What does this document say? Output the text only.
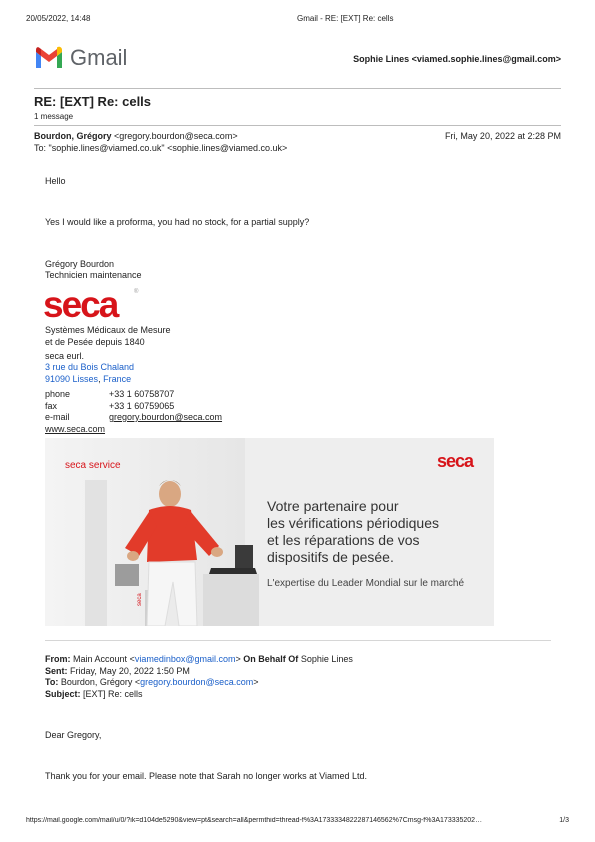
20/05/2022, 14:48	Gmail - RE: [EXT] Re: cells
Gmail	Sophie Lines <viamed.sophie.lines@gmail.com>
RE: [EXT] Re: cells
1 message
Bourdon, Grégory <gregory.bourdon@seca.com>	Fri, May 20, 2022 at 2:28 PM
To: "sophie.lines@viamed.co.uk" <sophie.lines@viamed.co.uk>
Hello
Yes I would like a proforma, you had no stock, for a partial supply?
Grégory Bourdon
Technicien maintenance
seca	®
Systèmes Médicaux de Mesure
et de Pesée depuis 1840
seca eurl.
3 rue du Bois Chaland
91090 Lisses, France
phone	+33 1 60758707
fax	+33 1 60759065
e-mail	gregory.bourdon@seca.com
www.seca.com
seca service	seca
seca
Votre partenaire pour
les vérifications périodiques
et les réparations de vos
dispositifs de pesée.
L'expertise du Leader Mondial sur le marché
From: Main Account <viamedinbox@gmail.com> On Behalf Of Sophie Lines
Sent: Friday, May 20, 2022 1:50 PM
To: Bourdon, Grégory <gregory.bourdon@seca.com>
Subject: [EXT] Re: cells
Dear Gregory,
Thank you for your email. Please note that Sarah no longer works at Viamed Ltd.
https://mail.google.com/mail/u/0/?ik=d104de5290&view=pt&search=all&permthid=thread-f%3A1733334822287146562%7Cmsg-f%3A173335202…	1/3
